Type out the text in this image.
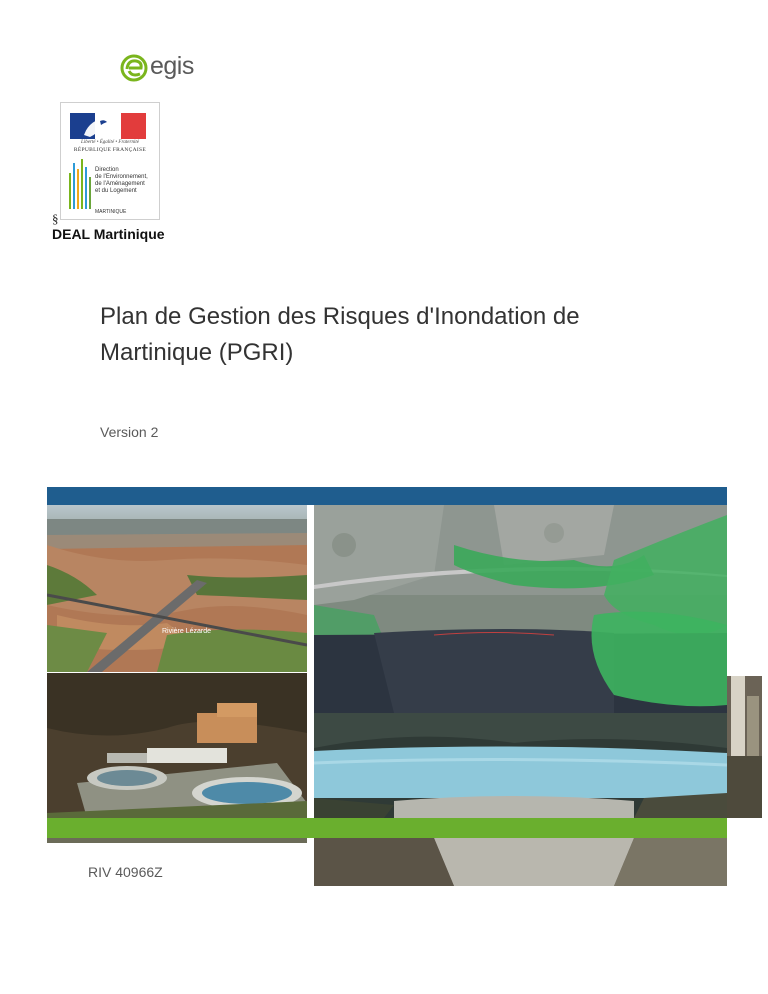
egis
Liberté • Égalité • Fraternité
RÉPUBLIQUE FRANÇAISE
Direction
de l'Environnement,
de l'Aménagement
et du Logement
MARTINIQUE
§
DEAL Martinique
Plan de Gestion des Risques d'Inondation de Martinique (PGRI)
Version 2
Rivière Lézarde
RIV 40966Z
